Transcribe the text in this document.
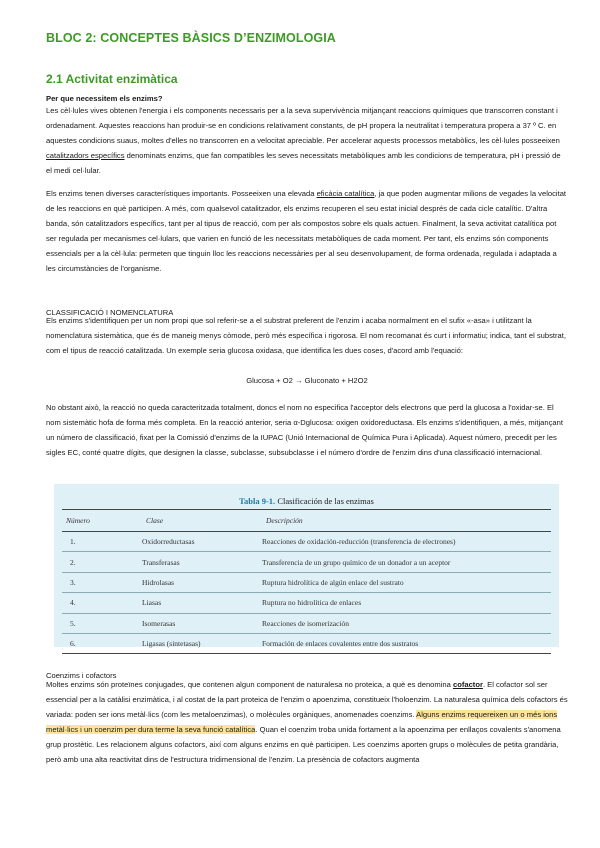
BLOC 2: CONCEPTES BÀSICS D’ENZIMOLOGIA
2.1 Activitat enzimàtica

Per que necessitem els enzims?

Les cèl·lules vives obtenen l'energia i els components necessaris per a la seva supervivència mitjançant reaccions químiques que transcorren constant i ordenadament. Aquestes reaccions han produir-se en condicions relativament constants, de pH propera la neutralitat i temperatura propera a 37 º C. en aquestes condicions suaus, moltes d'elles no transcorren en a velocitat apreciable. Per accelerar aquests processos metabòlics, les cèl·lules posseeixen catalitzadors específics denominats enzims, que fan compatibles les seves necessitats metabòliques amb les condicions de temperatura, pH i pressió de el medi cel·lular.

Els enzims tenen diverses característiques importants. Posseeixen una elevada eficàcia catalítica, ja que poden augmentar milions de vegades la velocitat de les reaccions en què participen. A més, com qualsevol catalitzador, els enzims recuperen el seu estat inicial després de cada cicle catalític. D'altra banda, són catalitzadors específics, tant per al tipus de reacció, com per als compostos sobre els quals actuen. Finalment, la seva activitat catalítica pot ser regulada per mecanismes cel·lulars, que varien en funció de les necessitats metabòliques de cada moment. Per tant, els enzims són components essencials per a la cèl·lula: permeten que tinguin lloc les reaccions necessàries per al seu desenvolupament, de forma ordenada, regulada i adaptada a les circumstàncies de l'organisme.

CLASSIFICACIÓ I NOMENCLATURA

Els enzims s'identifiquen per un nom propi que sol referir-se a el substrat preferent de l'enzim i acaba normalment en el sufix «-asa» i utilitzant la nomenclatura sistemàtica, que és de maneig menys còmode, però més específica i rigorosa. El nom recomanat és curt i informatiu; indica, tant el substrat, com el tipus de reacció catalitzada. Un exemple seria glucosa oxidasa, que identifica les dues coses, d'acord amb l'equació:

Glucosa + O2 → Gluconato + H2O2

No obstant això, la reacció no queda caracteritzada totalment, doncs el nom no especifica l'acceptor dels electrons que perd la glucosa a l'oxidar-se. El nom sistemàtic hofa de forma més completa. En la reacció anterior, seria α-Dglucosa: oxigen oxidoreductasa. Els enzims s'identifiquen, a més, mitjançant un número de classificació, fixat per la Comissió d'enzims de la IUPAC (Unió Internacional de Química Pura i Aplicada). Aquest número, precedit per les sigles EC, conté quatre dígits, que designen la classe, subclasse, subsubclasse i el número d'ordre de l'enzim dins d'una classificació internacional.

Tabla 9-1. Clasificación de las enzimas
Número	Clase	Descripción
1.	Oxidorreductasas	Reacciones de oxidación-reducción (transferencia de electrones)
2.	Transferasas	Transferencia de un grupo químico de un donador a un aceptor
3.	Hidrolasas	Ruptura hidrolítica de algún enlace del sustrato
4.	Liasas	Ruptura no hidrolítica de enlaces
5.	Isomerasas	Reacciones de isomerización
6.	Ligasas (sintetasas)	Formación de enlaces covalentes entre dos sustratos

Coenzims i cofactors

Moltes enzims són proteïnes conjugades, que contenen algun component de naturalesa no proteica, a què es denomina cofactor. El cofactor sol ser essencial per a la catàlisi enzimàtica, i al costat de la part proteica de l'enzim o apoenzima, constitueix l'holoenzim. La naturalesa química dels cofactors és variada: poden ser ions metàl·lics (com les metaloenzimas), o molècules orgàniques, anomenades coenzims. Alguns enzims requereixen un o més ions metàl·lics i un coenzim per dura terme la seva funció catalítica. Quan el coenzim troba unida fortament a la apoenzima per enllaços covalents s'anomena grup prostètic. Les relacionem alguns cofactors, així com alguns enzims en què participen. Les coenzims aporten grups o molècules de petita grandària, però amb una alta reactivitat dins de l'estructura tridimensional de l'enzim. La presència de cofactors augmenta
